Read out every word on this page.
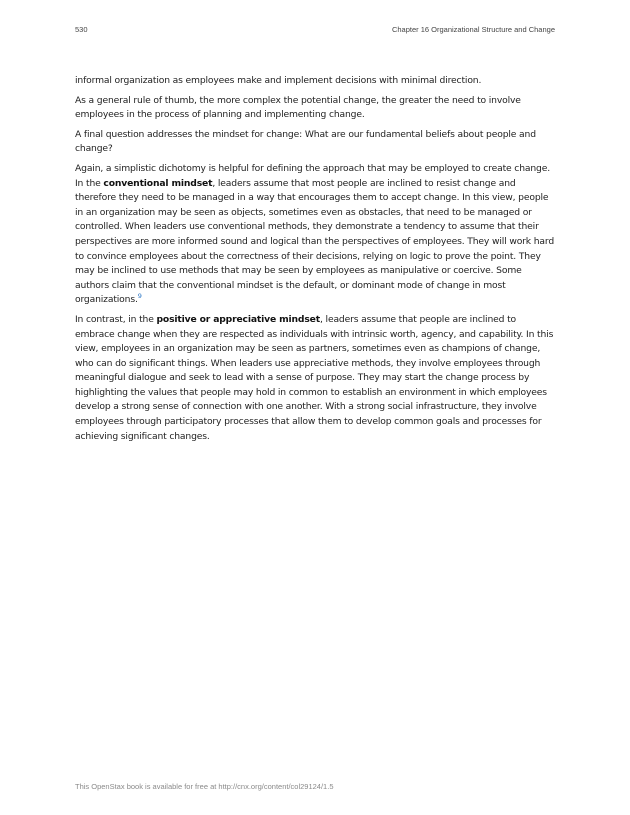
530	Chapter 16 Organizational Structure and Change

informal organization as employees make and implement decisions with minimal direction.

As a general rule of thumb, the more complex the potential change, the greater the need to involve employees in the process of planning and implementing change.

A final question addresses the mindset for change: What are our fundamental beliefs about people and change?

Again, a simplistic dichotomy is helpful for defining the approach that may be employed to create change. In the conventional mindset, leaders assume that most people are inclined to resist change and therefore they need to be managed in a way that encourages them to accept change. In this view, people in an organization may be seen as objects, sometimes even as obstacles, that need to be managed or controlled. When leaders use conventional methods, they demonstrate a tendency to assume that their perspectives are more informed sound and logical than the perspectives of employees. They will work hard to convince employees about the correctness of their decisions, relying on logic to prove the point. They may be inclined to use methods that may be seen by employees as manipulative or coercive. Some authors claim that the conventional mindset is the default, or dominant mode of change in most organizations.$^9$

In contrast, in the positive or appreciative mindset, leaders assume that people are inclined to embrace change when they are respected as individuals with intrinsic worth, agency, and capability. In this view, employees in an organization may be seen as partners, sometimes even as champions of change, who can do significant things. When leaders use appreciative methods, they involve employees through meaningful dialogue and seek to lead with a sense of purpose. They may start the change process by highlighting the values that people may hold in common to establish an environment in which employees develop a strong sense of connection with one another. With a strong social infrastructure, they involve employees through participatory processes that allow them to develop common goals and processes for achieving significant changes.

This OpenStax book is available for free at http://cnx.org/content/col29124/1.5
